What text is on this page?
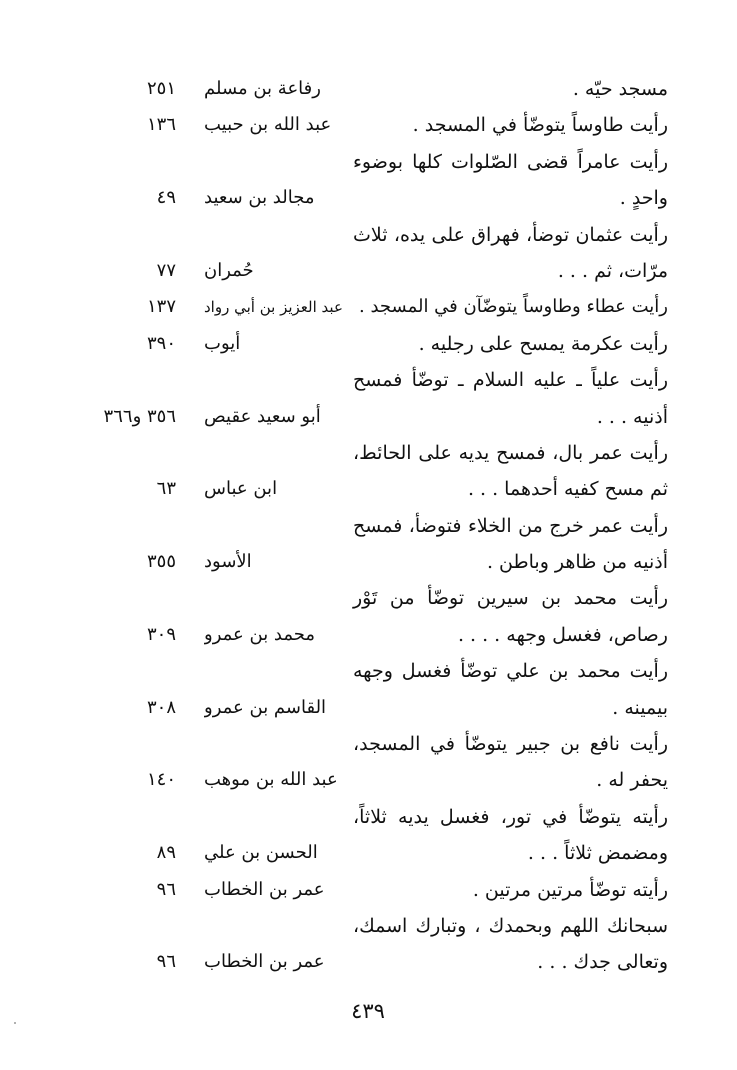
مسجد حيّه .
رفاعة بن مسلم
٢٥١
رأيت طاوساً يتوضّأ في المسجد .
عبد الله بن حبيب
١٣٦
رأيت عامراً قضى الصّلوات كلها بوضوء
واحدٍ .
مجالد بن سعيد
٤٩
رأيت عثمان توضأ، فهراق على يده، ثلاث
مرّات، ثم . . .
حُمران
٧٧
رأيت عطاء وطاوساً يتوضّآن في المسجد .
عبد العزيز بن أبي رواد
١٣٧
رأيت عكرمة يمسح على رجليه .
أيوب
٣٩٠
رأيت علياً ـ عليه السلام ـ توضّأ فمسح
أذنيه . . .
أبو سعيد عقيص
٣٥٦ و٣٦٦
رأيت عمر بال، فمسح يديه على الحائط،
ثم مسح كفيه أحدهما . . .
ابن عباس
٦٣
رأيت عمر خرج من الخلاء فتوضأ، فمسح
أذنيه من ظاهر وباطن .
الأسود
٣٥٥
رأيت محمد بن سيرين توضّأ من تَوْر
رصاص، فغسل وجهه . . . .
محمد بن عمرو
٣٠٩
رأيت محمد بن علي توضّأ فغسل وجهه
بيمينه .
القاسم بن عمرو
٣٠٨
رأيت نافع بن جبير يتوضّأ في المسجد،
يحفر له .
عبد الله بن موهب
١٤٠
رأيته يتوضّأ في تور، فغسل يديه ثلاثاً،
ومضمض ثلاثاً . . .
الحسن بن علي
٨٩
رأيته توضّأ مرتين مرتين .
عمر بن الخطاب
٩٦
سبحانك اللهم وبحمدك ، وتبارك اسمك،
وتعالى جدك . . .
عمر بن الخطاب
٩٦
٤٣٩
